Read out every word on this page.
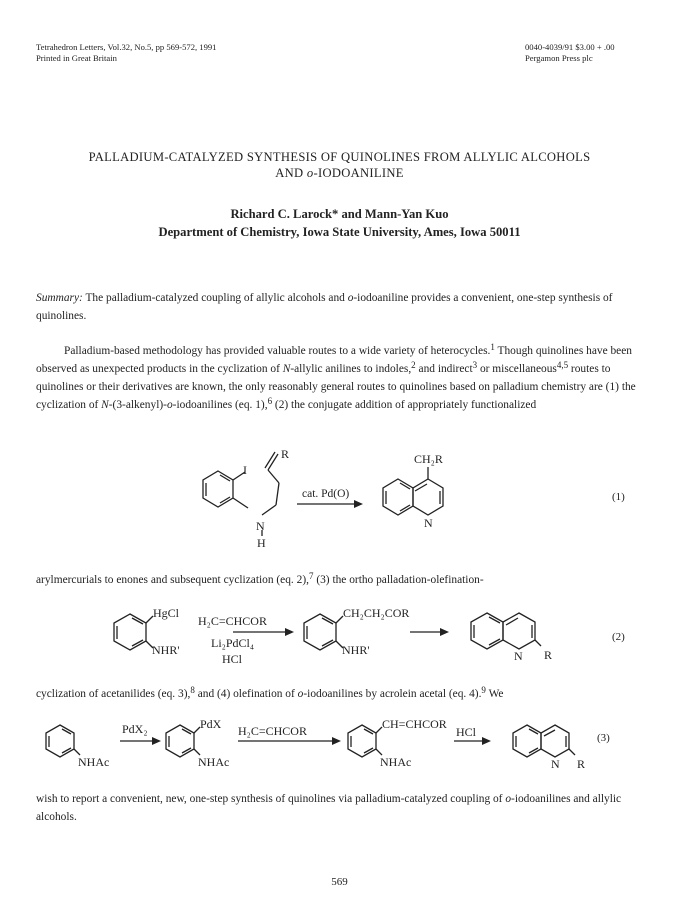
Tetrahedron Letters, Vol.32, No.5, pp 569-572, 1991
Printed in Great Britain
0040-4039/91 $3.00 + .00
Pergamon Press plc
PALLADIUM-CATALYZED SYNTHESIS OF QUINOLINES FROM ALLYLIC ALCOHOLS
AND o-IODOANILINE
Richard C. Larock* and Mann-Yan Kuo
Department of Chemistry, Iowa State University, Ames, Iowa 50011
Summary: The palladium-catalyzed coupling of allylic alcohols and o-iodoaniline provides a convenient, one-step synthesis of quinolines.
Palladium-based methodology has provided valuable routes to a wide variety of heterocycles.$^1$ Though quinolines have been observed as unexpected products in the cyclization of N-allylic anilines to indoles,$^2$ and indirect$^3$ or miscellaneous$^{4,5}$ routes to quinolines or their derivatives are known, the only reasonably general routes to quinolines based on palladium chemistry are (1) the cyclization of N-(3-alkenyl)-o-iodoanilines (eq. 1),$^6$ (2) the conjugate addition of appropriately functionalized
R
I
N
H
cat. Pd(O)
CH₂R
N
(1)
arylmercurials to enones and subsequent cyclization (eq. 2),$^7$ (3) the ortho palladation-olefination-
HgCl
NHR'
H₂C=CHCOR
Li₂PdCl₄
HCl
CH₂CH₂COR
NHR'	N R
(2)
cyclization of acetanilides (eq. 3),$^8$ and (4) olefination of o-iodoanilines by acrolein acetal (eq. 4).$^9$ We
NHAc
PdX₂	PdX
NHAc
H₂C=CHCOR	CH=CHCOR
NHAc
HCl
N R
(3)
wish to report a convenient, new, one-step synthesis of quinolines via palladium-catalyzed coupling of o-iodoanilines and allylic alcohols.
569
